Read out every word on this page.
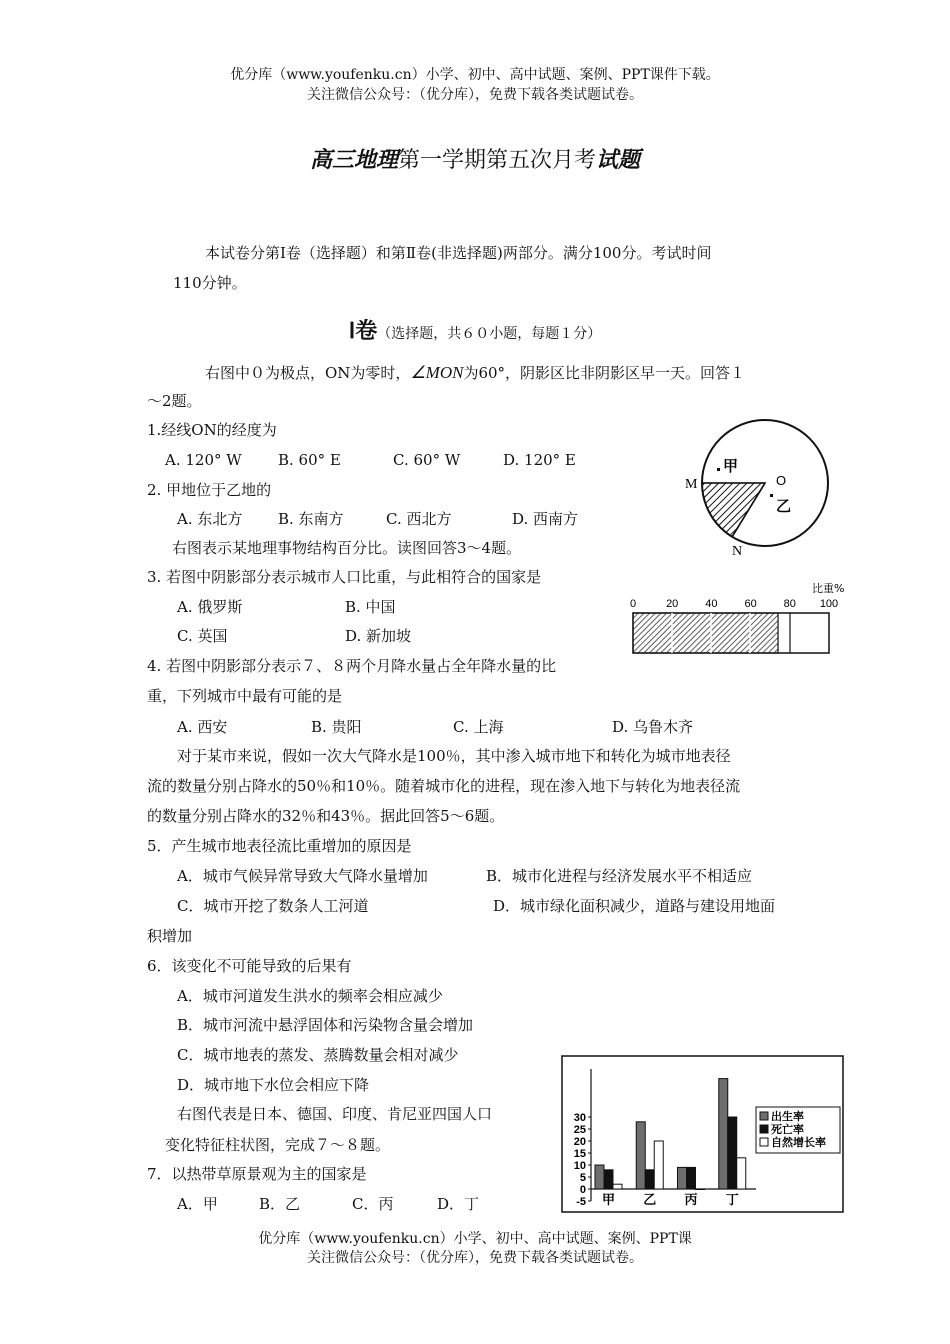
优分库（www.youfenku.cn）小学、初中、高中试题、案例、PPT课件下载。
关注微信公众号：（优分库），免费下载各类试题试卷。
高三地理第一学期第五次月考试题
本试卷分第Ⅰ卷（选择题）和第Ⅱ卷(非选择题)两部分。满分100分。考试时间
110分钟。
Ⅰ卷（选择题，共６０小题，每题１分）
右图中０为极点，ON为零时，∠MON为60°，阴影区比非阴影区早一天。回答１
～2题。
1.经线ON的经度为
A. 120° W B. 60° E	C. 60° W	D. 120° E
2. 甲地位于乙地的
A. 东北方 B. 东南方	C. 西北方	D. 西南方
右图表示某地理事物结构百分比。读图回答3～4题。
3. 若图中阴影部分表示城市人口比重，与此相符合的国家是
A. 俄罗斯	B. 中国
C. 英国	D. 新加坡
4. 若图中阴影部分表示７、８两个月降水量占全年降水量的比
重，下列城市中最有可能的是
A. 西安	B. 贵阳	C. 上海	D. 乌鲁木齐
对于某市来说，假如一次大气降水是100％，其中渗入城市地下和转化为城市地表径
流的数量分别占降水的50％和10％。随着城市化的进程，现在渗入地下与转化为地表径流
的数量分别占降水的32％和43％。据此回答5～6题。
5．产生城市地表径流比重增加的原因是
A．城市气候异常导致大气降水量增加	B．城市化进程与经济发展水平不相适应
C．城市开挖了数条人工河道	D．城市绿化面积减少，道路与建设用地面
积增加
6．该变化不可能导致的后果有
A．城市河道发生洪水的频率会相应减少
B．城市河流中悬浮固体和污染物含量会增加
C．城市地表的蒸发、蒸腾数量会相对减少
D．城市地下水位会相应下降
右图代表是日本、德国、印度、肯尼亚四国人口
变化特征柱状图，完成７～８题。
7．以热带草原景观为主的国家是
A．甲	B．乙	C．丙	D．丁
优分库（www.youfenku.cn）小学、初中、高中试题、案例、PPT课
关注微信公众号：（优分库），免费下载各类试题试卷。
甲
O
乙
M
N
比重%
0	20 40 60 80 100
-5
0
5
10
15
20
25
30
甲 乙 丙 丁
出生率
死亡率
自然增长率
